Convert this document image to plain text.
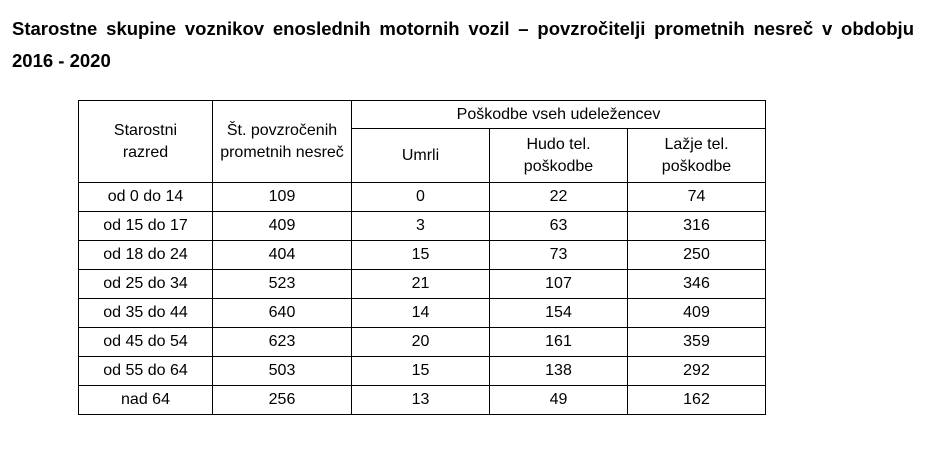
Starostne skupine voznikov enoslednih motornih vozil – povzročitelji prometnih nesreč v obdobju 2016 - 2020
Starostni razred	Št. povzročenih prometnih nesreč	Poškodbe vseh udeležencev		
		Umrli	Hudo tel. poškodbe	Lažje tel. poškodbe
od 0 do 14	109	0	22	74
od 15 do 17	409	3	63	316
od 18 do 24	404	15	73	250
od 25 do 34	523	21	107	346
od 35 do 44	640	14	154	409
od 45 do 54	623	20	161	359
od 55 do 64	503	15	138	292
nad 64	256	13	49	162
